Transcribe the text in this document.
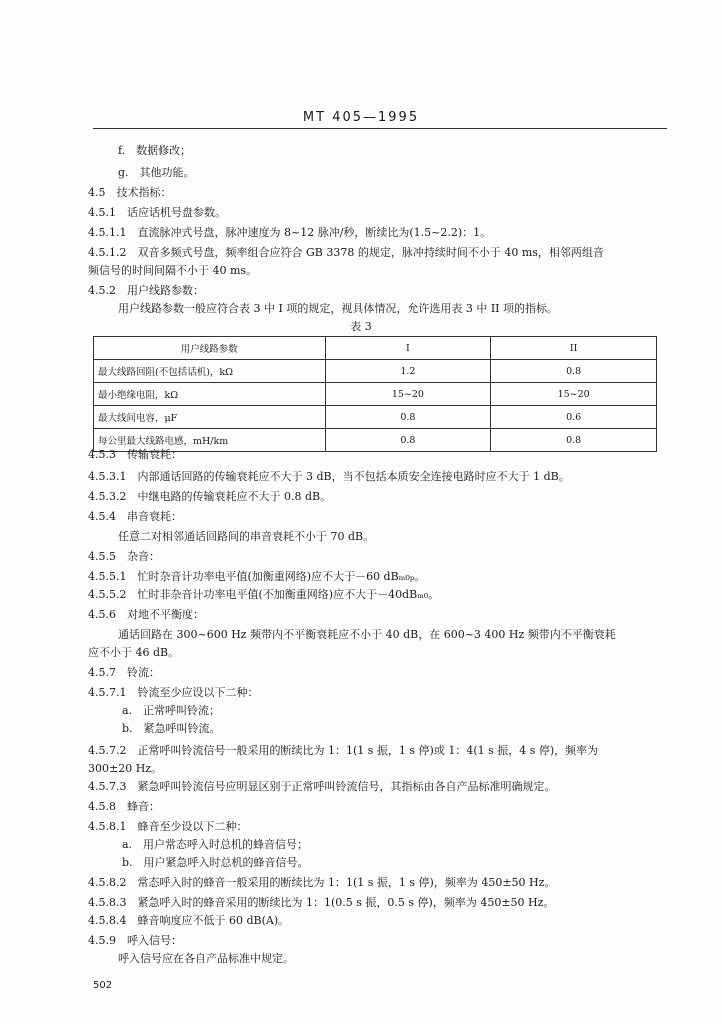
MT 405—1995
f.　数据修改；
g.　其他功能。
4.5　技术指标：
4.5.1　话应话机号盘参数。
4.5.1.1　直流脉冲式号盘，脉冲速度为 8~12 脉冲/秒，断续比为(1.5~2.2)：1。
4.5.1.2　双音多频式号盘，频率组合应符合 GB 3378 的规定，脉冲持续时间不小于 40 ms，相邻两组音
频信号的时间间隔不小于 40 ms。
4.5.2　用户线路参数：
用户线路参数一般应符合表 3 中 I 项的规定，视具体情况，允许选用表 3 中 II 项的指标。
表 3
用户线路参数	I	II
最大线路回阻(不包括话机)，kΩ	1.2	0.8
最小绝缘电阻，kΩ	15~20	15~20
最大线间电容，μF	0.8	0.6
每公里最大线路电感，mH/km	0.8	0.8
4.5.3　传输衰耗：
4.5.3.1　内部通话回路的传输衰耗应不大于 3 dB，当不包括本质安全连接电路时应不大于 1 dB。
4.5.3.2　中继电路的传输衰耗应不大于 0.8 dB。
4.5.4　串音衰耗：
任意二对相邻通话回路间的串音衰耗不小于 70 dB。
4.5.5　杂音：
4.5.5.1　忙时杂音计功率电平值(加衡重网络)应不大于－60 dBₘ₀ₚ。
4.5.5.2　忙时非杂音计功率电平值(不加衡重网络)应不大于－40dBₘ₀。
4.5.6　对地不平衡度：
通话回路在 300~600 Hz 频带内不平衡衰耗应不小于 40 dB，在 600~3 400 Hz 频带内不平衡衰耗
应不小于 46 dB。
4.5.7　铃流：
4.5.7.1　铃流至少应设以下二种：
a.　正常呼叫铃流；
b.　紧急呼叫铃流。
4.5.7.2　正常呼叫铃流信号一般采用的断续比为 1：1(1 s 振，1 s 停)或 1：4(1 s 振，4 s 停)，频率为
300±20 Hz。
4.5.7.3　紧急呼叫铃流信号应明显区别于正常呼叫铃流信号，其指标由各自产品标准明确规定。
4.5.8　蜂音：
4.5.8.1　蜂音至少设以下二种：
a.　用户常态呼入时总机的蜂音信号；
b.　用户紧急呼入时总机的蜂音信号。
4.5.8.2　常态呼入时的蜂音一般采用的断续比为 1：1(1 s 振，1 s 停)，频率为 450±50 Hz。
4.5.8.3　紧急呼入时的蜂音采用的断续比为 1：1(0.5 s 振，0.5 s 停)，频率为 450±50 Hz。
4.5.8.4　蜂音响度应不低于 60 dB(A)。
4.5.9　呼入信号：
呼入信号应在各自产品标准中规定。
502
